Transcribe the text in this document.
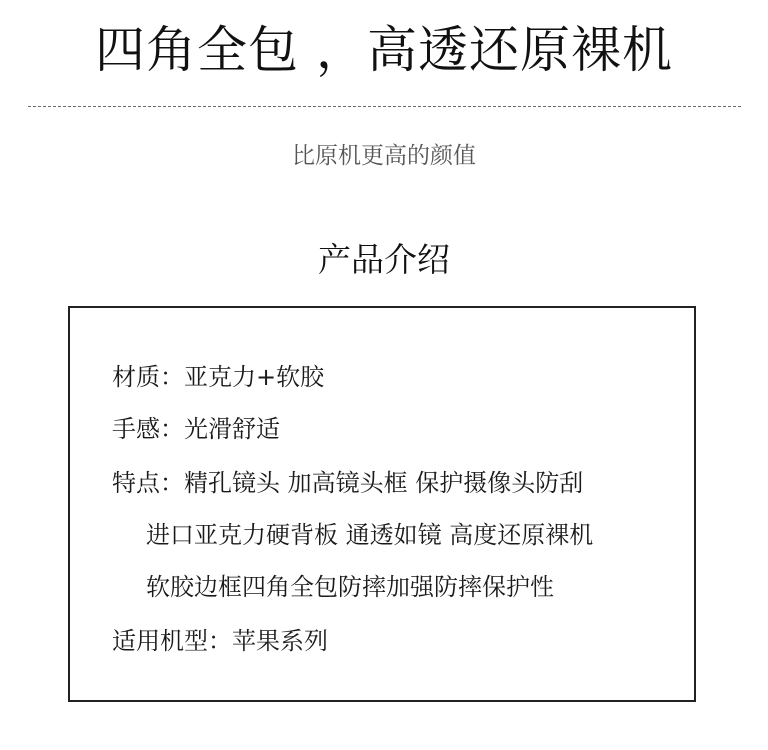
四角全包 ，高透还原裸机
比原机更高的颜值
产品介绍
材质：亚克力+软胶
手感：光滑舒适
特点：精孔镜头 加高镜头框 保护摄像头防刮
进口亚克力硬背板 通透如镜 高度还原裸机
软胶边框四角全包防摔加强防摔保护性
适用机型：苹果系列
